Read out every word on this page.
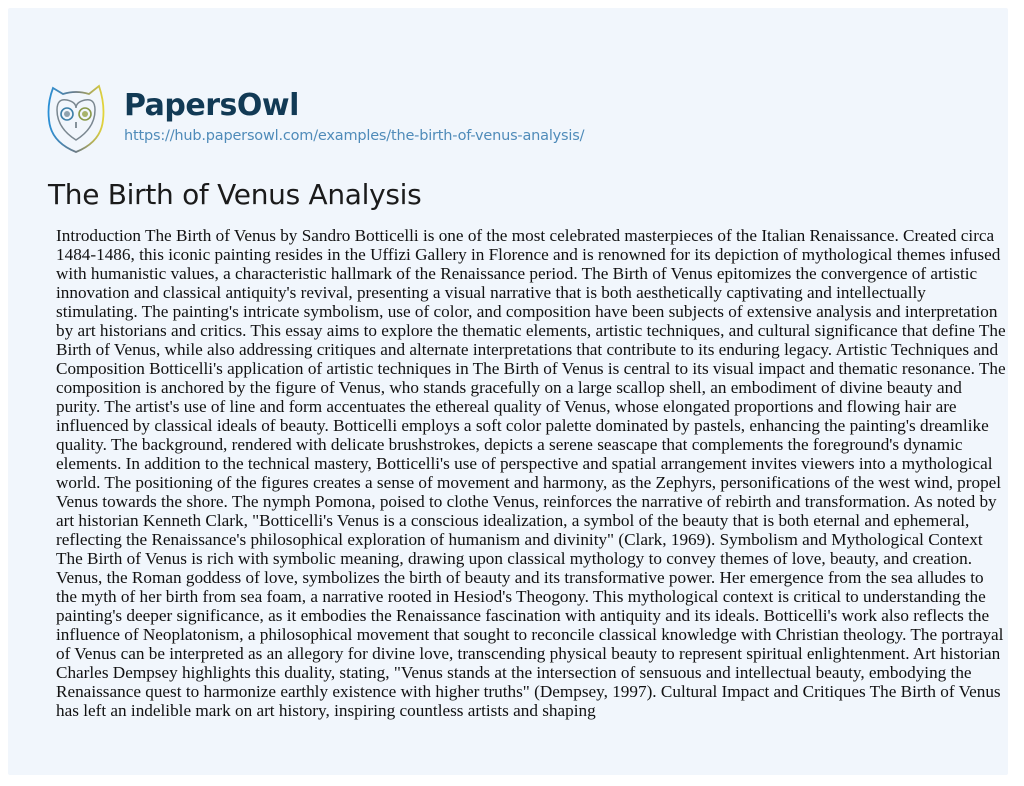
PapersOwl
https://hub.papersowl.com/examples/the-birth-of-venus-analysis/
The Birth of Venus Analysis

Introduction The Birth of Venus by Sandro Botticelli is one of the most celebrated masterpieces of the Italian Renaissance. Created circa 1484-1486, this iconic painting resides in the Uffizi Gallery in Florence and is renowned for its depiction of mythological themes infused with humanistic values, a characteristic hallmark of the Renaissance period. The Birth of Venus epitomizes the convergence of artistic innovation and classical antiquity's revival, presenting a visual narrative that is both aesthetically captivating and intellectually stimulating. The painting's intricate symbolism, use of color, and composition have been subjects of extensive analysis and interpretation by art historians and critics. This essay aims to explore the thematic elements, artistic techniques, and cultural significance that define The Birth of Venus, while also addressing critiques and alternate interpretations that contribute to its enduring legacy. Artistic Techniques and Composition Botticelli's application of artistic techniques in The Birth of Venus is central to its visual impact and thematic resonance. The composition is anchored by the figure of Venus, who stands gracefully on a large scallop shell, an embodiment of divine beauty and purity. The artist's use of line and form accentuates the ethereal quality of Venus, whose elongated proportions and flowing hair are influenced by classical ideals of beauty. Botticelli employs a soft color palette dominated by pastels, enhancing the painting's dreamlike quality. The background, rendered with delicate brushstrokes, depicts a serene seascape that complements the foreground's dynamic elements. In addition to the technical mastery, Botticelli's use of perspective and spatial arrangement invites viewers into a mythological world. The positioning of the figures creates a sense of movement and harmony, as the Zephyrs, personifications of the west wind, propel Venus towards the shore. The nymph Pomona, poised to clothe Venus, reinforces the narrative of rebirth and transformation. As noted by art historian Kenneth Clark, "Botticelli's Venus is a conscious idealization, a symbol of the beauty that is both eternal and ephemeral, reflecting the Renaissance's philosophical exploration of humanism and divinity" (Clark, 1969). Symbolism and Mythological Context The Birth of Venus is rich with symbolic meaning, drawing upon classical mythology to convey themes of love, beauty, and creation. Venus, the Roman goddess of love, symbolizes the birth of beauty and its transformative power. Her emergence from the sea alludes to the myth of her birth from sea foam, a narrative rooted in Hesiod's Theogony. This mythological context is critical to understanding the painting's deeper significance, as it embodies the Renaissance fascination with antiquity and its ideals. Botticelli's work also reflects the influence of Neoplatonism, a philosophical movement that sought to reconcile classical knowledge with Christian theology. The portrayal of Venus can be interpreted as an allegory for divine love, transcending physical beauty to represent spiritual enlightenment. Art historian Charles Dempsey highlights this duality, stating, "Venus stands at the intersection of sensuous and intellectual beauty, embodying the Renaissance quest to harmonize earthly existence with higher truths" (Dempsey, 1997). Cultural Impact and Critiques The Birth of Venus has left an indelible mark on art history, inspiring countless artists and shaping
